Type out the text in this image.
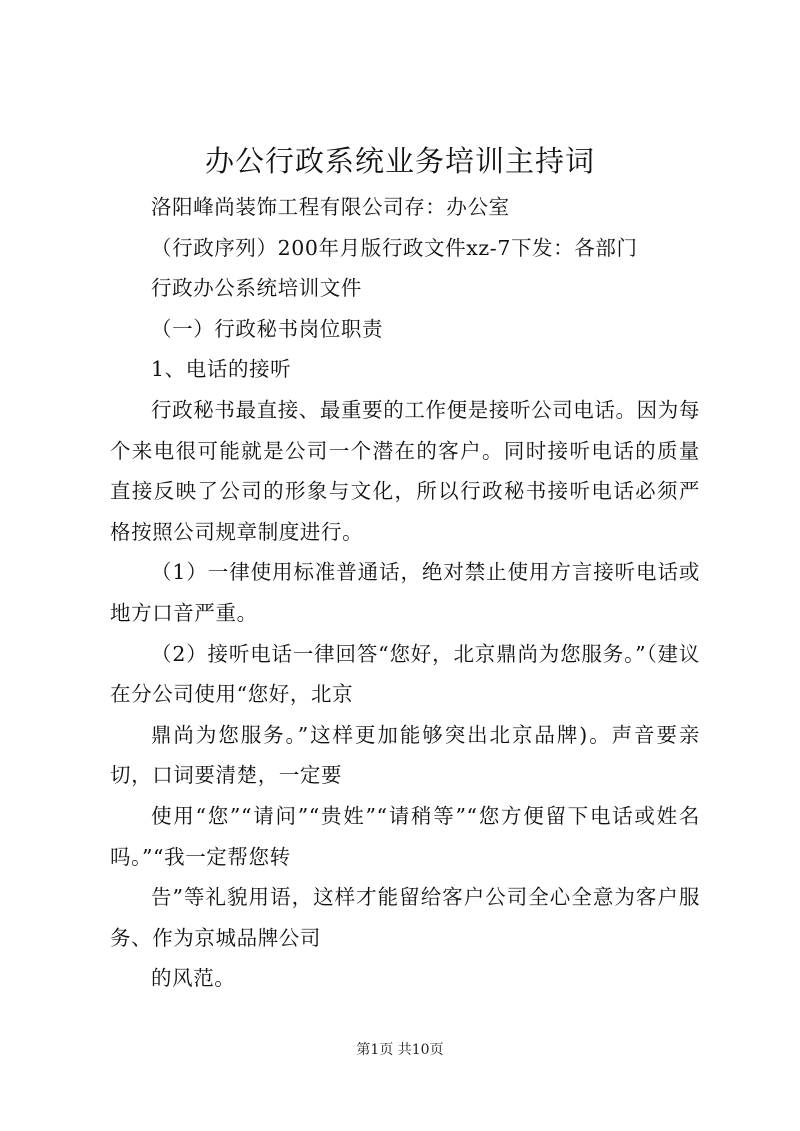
办公行政系统业务培训主持词

洛阳峰尚装饰工程有限公司存：办公室

（行政序列）200年月版行政文件xz-7下发：各部门

行政办公系统培训文件

（一）行政秘书岗位职责

1、电话的接听

行政秘书最直接、最重要的工作便是接听公司电话。因为每个来电很可能就是公司一个潜在的客户。同时接听电话的质量直接反映了公司的形象与文化，所以行政秘书接听电话必须严格按照公司规章制度进行。

（1）一律使用标准普通话，绝对禁止使用方言接听电话或地方口音严重。

（2）接听电话一律回答“您好，北京鼎尚为您服务。”（建议在分公司使用“您好，北京

鼎尚为您服务。”这样更加能够突出北京品牌)。声音要亲切，口词要清楚，一定要

使用“您”“请问”“贵姓”“请稍等”“您方便留下电话或姓名吗。”“我一定帮您转

告”等礼貌用语，这样才能留给客户公司全心全意为客户服务、作为京城品牌公司

的风范。

第1页 共10页
